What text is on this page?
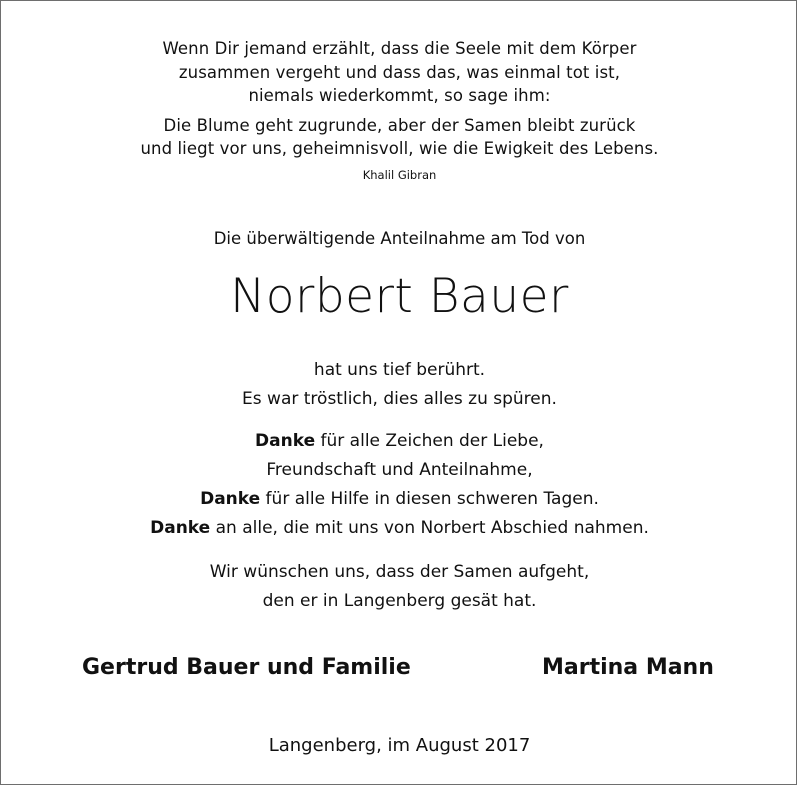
Wenn Dir jemand erzählt, dass die Seele mit dem Körper
zusammen vergeht und dass das, was einmal tot ist,
niemals wiederkommt, so sage ihm:
Die Blume geht zugrunde, aber der Samen bleibt zurück
und liegt vor uns, geheimnisvoll, wie die Ewigkeit des Lebens.
Khalil Gibran
Die überwältigende Anteilnahme am Tod von
Norbert Bauer
hat uns tief berührt.
Es war tröstlich, dies alles zu spüren.
Danke für alle Zeichen der Liebe,
Freundschaft und Anteilnahme,
Danke für alle Hilfe in diesen schweren Tagen.
Danke an alle, die mit uns von Norbert Abschied nahmen.
Wir wünschen uns, dass der Samen aufgeht,
den er in Langenberg gesät hat.
Gertrud Bauer und Familie	Martina Mann
Langenberg, im August 2017
